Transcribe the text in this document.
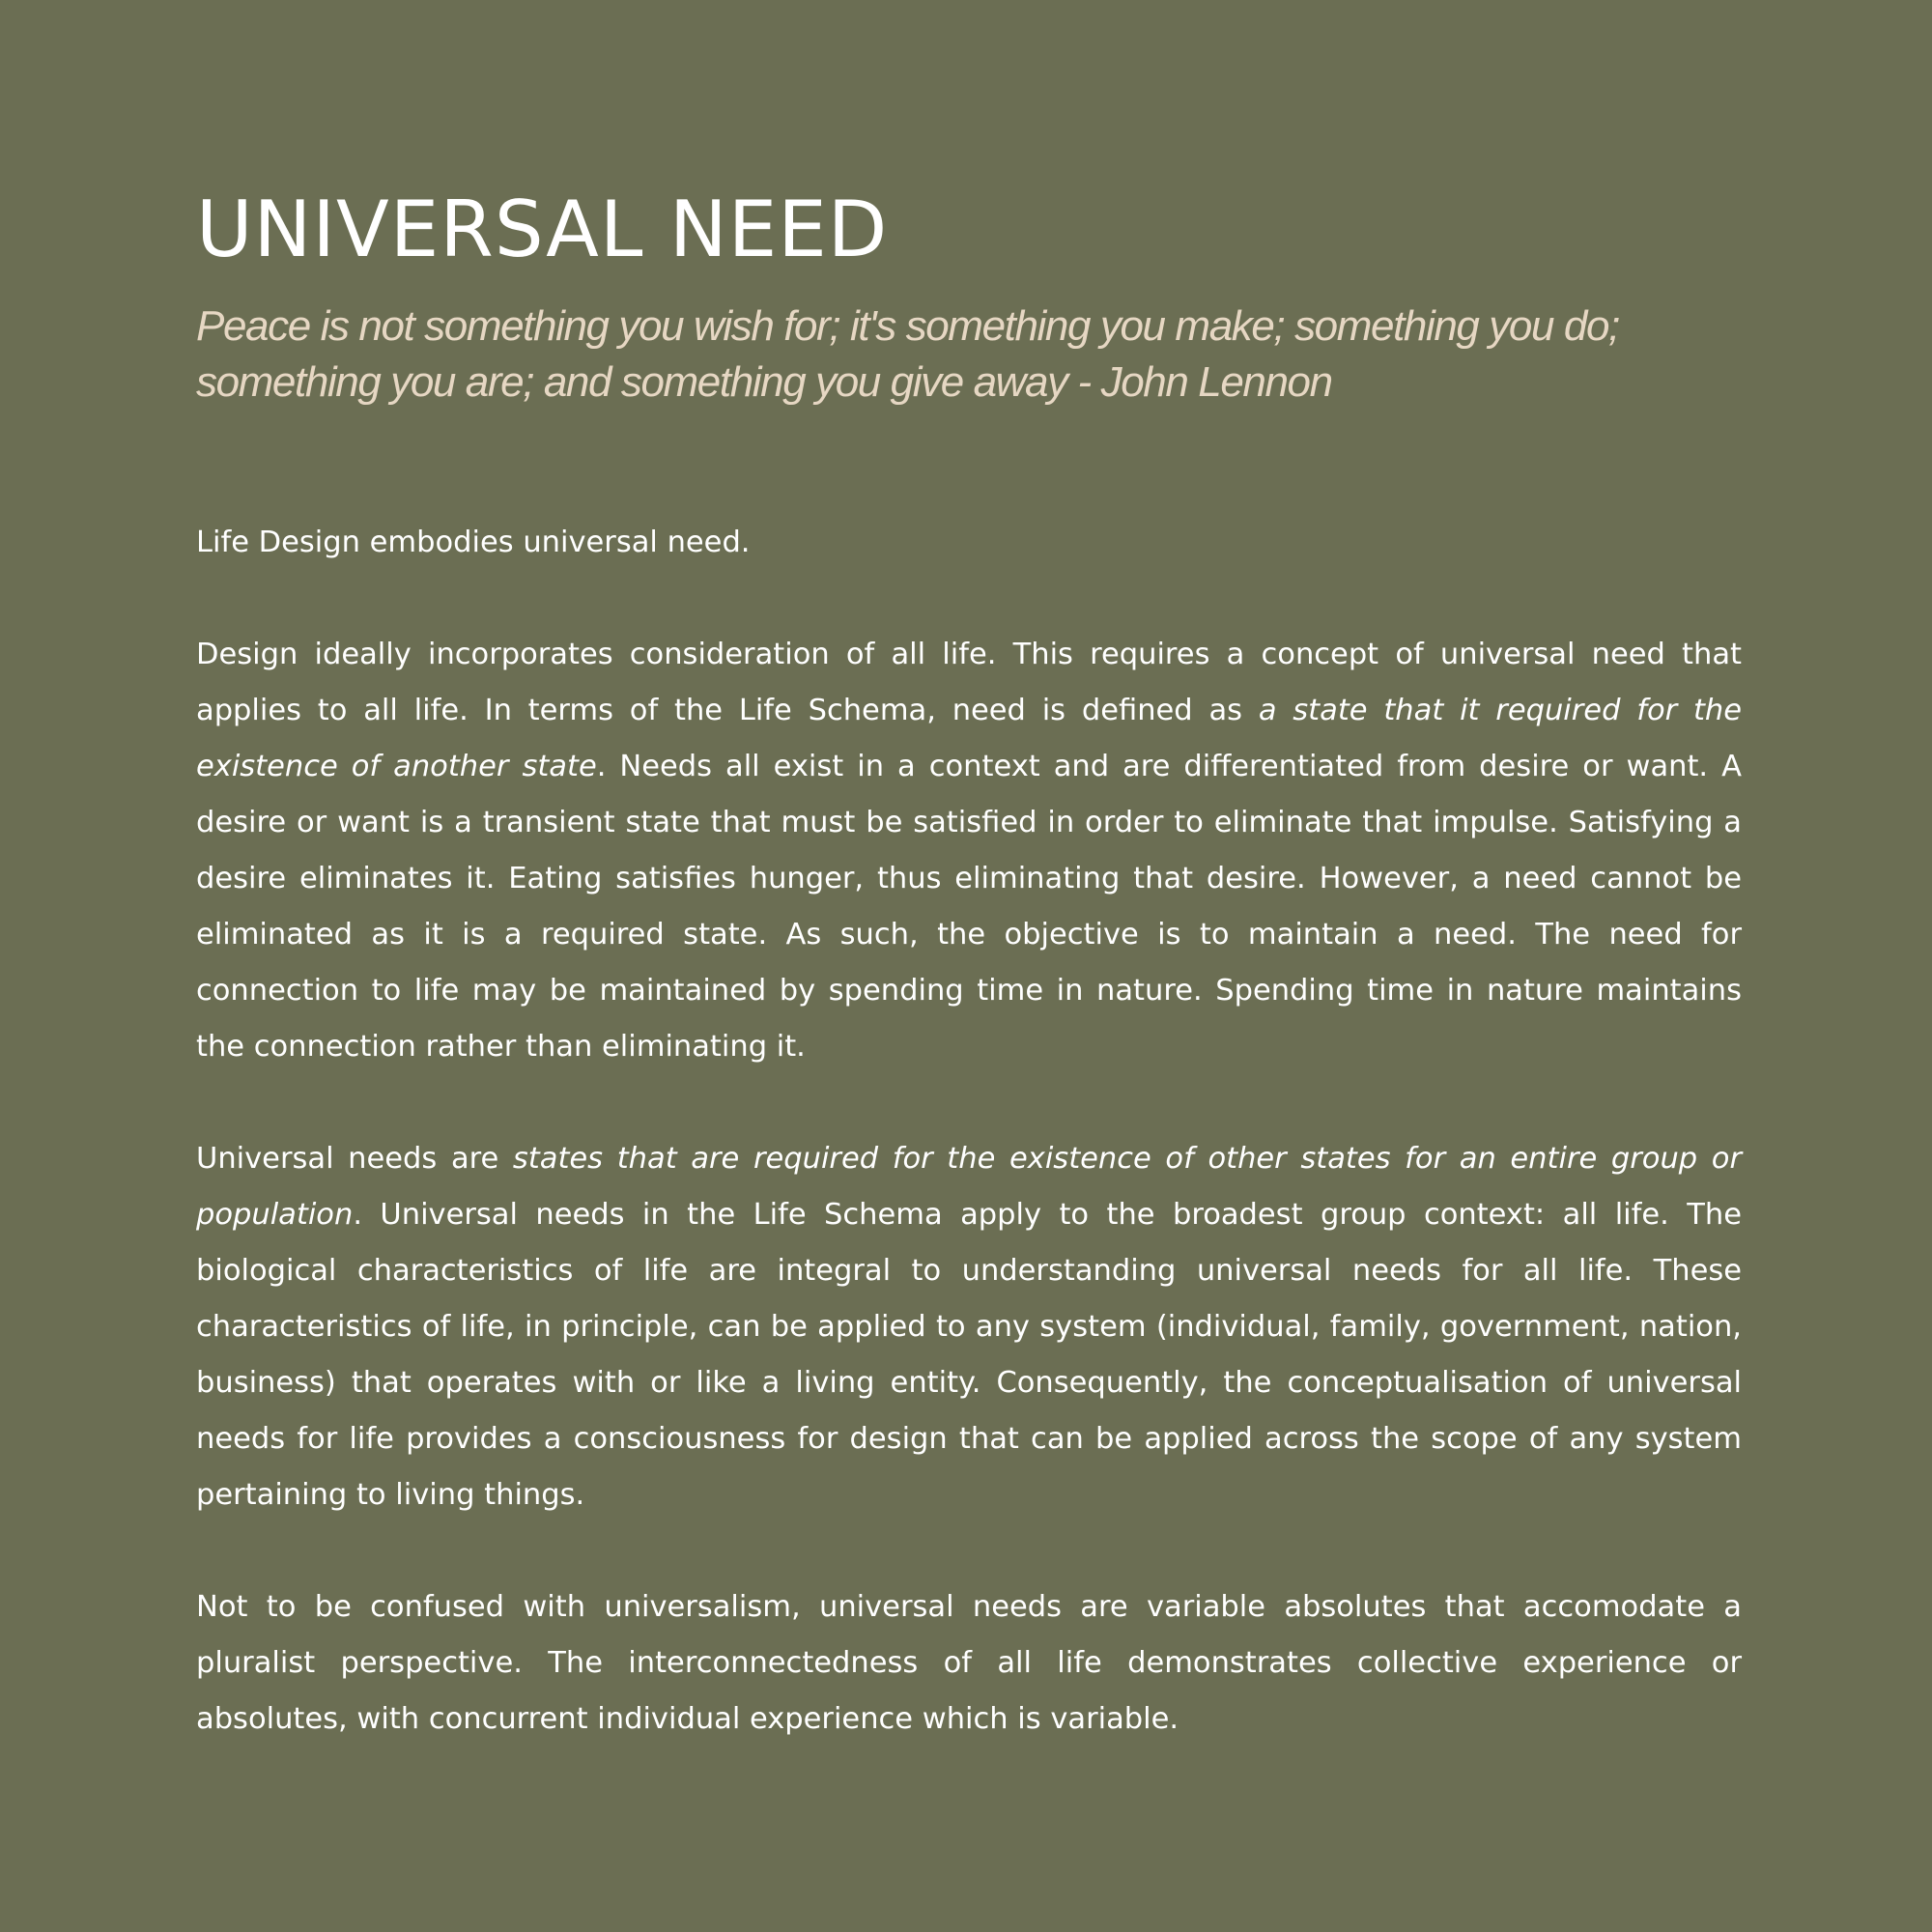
UNIVERSAL NEED

Peace is not something you wish for; it's something you make; something you do; something you are; and something you give away - John Lennon

Life Design embodies universal need.

Design ideally incorporates consideration of all life. This requires a concept of universal need that applies to all life. In terms of the Life Schema, need is defined as a state that it required for the existence of another state. Needs all exist in a context and are differentiated from desire or want. A desire or want is a transient state that must be satisfied in order to eliminate that impulse. Satisfying a desire eliminates it. Eating satisfies hunger, thus eliminating that desire. However, a need cannot be eliminated as it is a required state. As such, the objective is to maintain a need. The need for connection to life may be maintained by spending time in nature. Spending time in nature maintains the connection rather than eliminating it.

Universal needs are states that are required for the existence of other states for an entire group or population. Universal needs in the Life Schema apply to the broadest group context: all life. The biological characteristics of life are integral to understanding universal needs for all life. These characteristics of life, in principle, can be applied to any system (individual, family, government, nation, business) that operates with or like a living entity. Consequently, the conceptualisation of universal needs for life provides a consciousness for design that can be applied across the scope of any system pertaining to living things.

Not to be confused with universalism, universal needs are variable absolutes that accomodate a pluralist perspective. The interconnectedness of all life demonstrates collective experience or absolutes, with concurrent individual experience which is variable.
